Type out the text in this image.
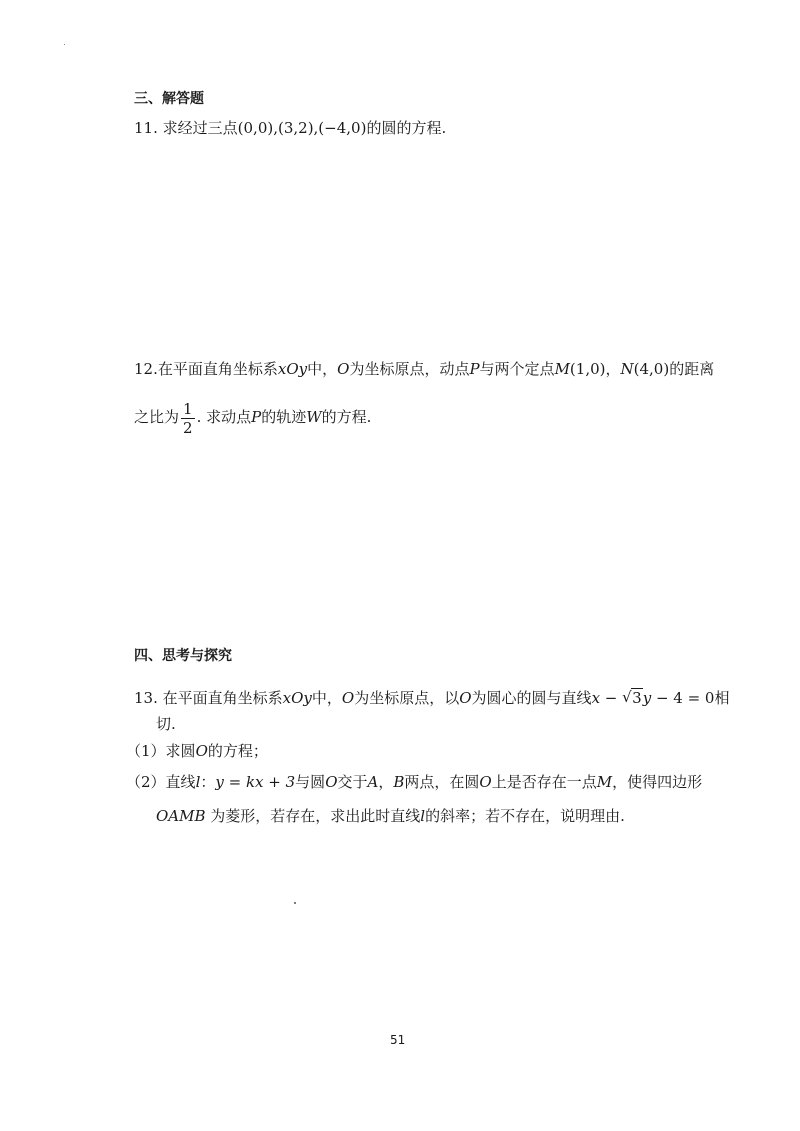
三、解答题
11. 求经过三点(0,0),(3,2),(−4,0)的圆的方程.
12.在平面直角坐标系xOy中，O为坐标原点，动点P与两个定点M(1,0)，N(4,0)的距离
之比为 $\frac{1}{2}$ . 求动点P的轨迹W的方程.
四、思考与探究
13. 在平面直角坐标系xOy中，O为坐标原点，以O为圆心的圆与直线x − √ 3y − 4 = 0相
切.
（1）求圆O的方程；
（2）直线l：y = kx + 3与圆O交于A，B两点，在圆O上是否存在一点M，使得四边形
OAMB 为菱形，若存在，求出此时直线l的斜率；若不存在，说明理由.
51
